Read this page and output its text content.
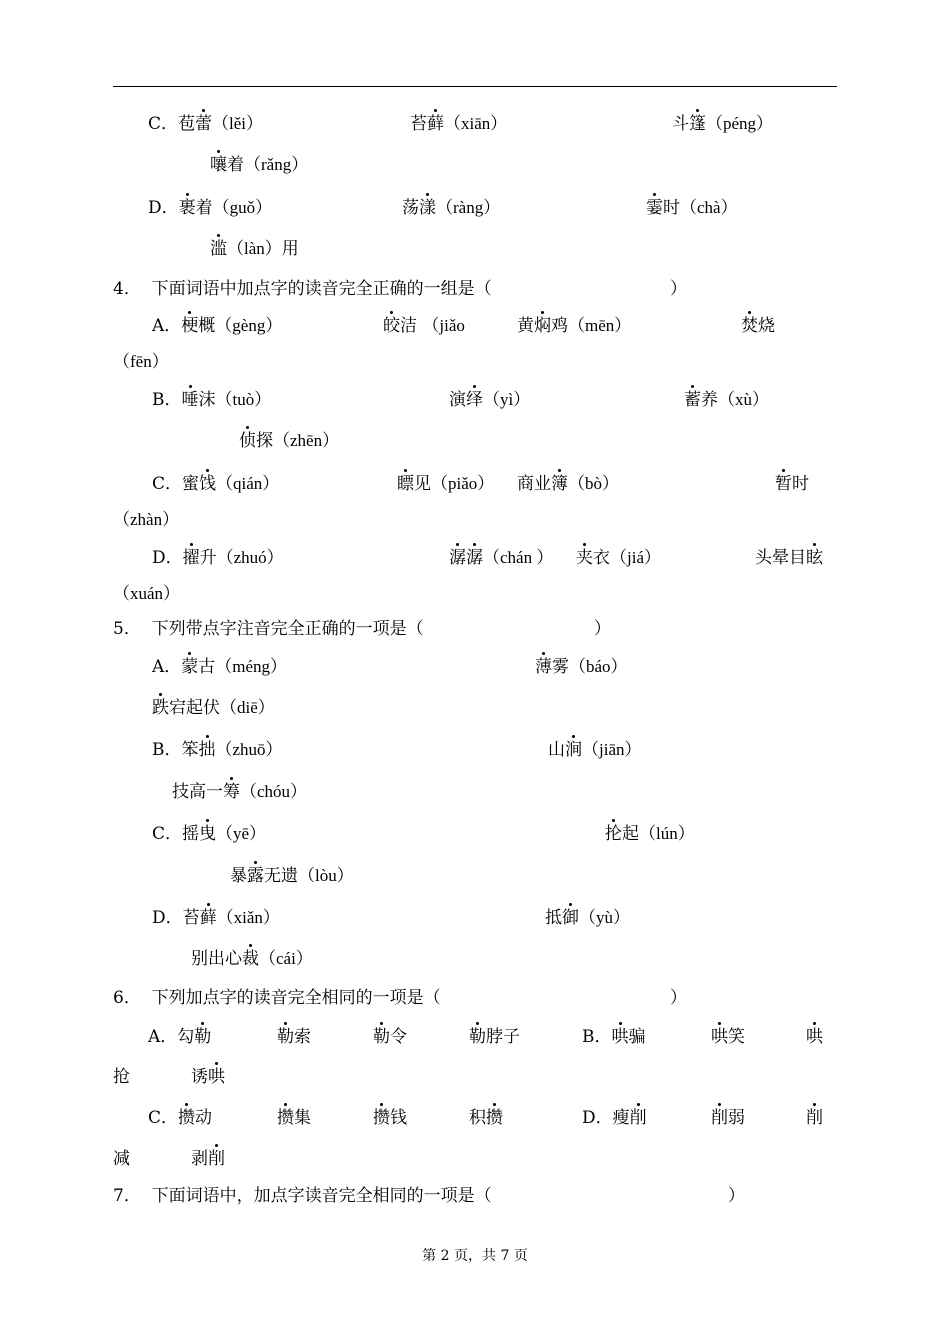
C．苞蕾（lěi）	苔藓（xiān）	斗篷（péng）
嚷着（rǎng）
D．裹着（guǒ）	荡漾（ràng）	霎时（chà）
滥（làn）用
4． 下面词语中加点字的读音完全正确的一组是（	）
A．梗概（gèng）	皎洁 （jiǎo	黄焖鸡（mēn）	焚烧
（fēn）
B．唾沫（tuò）	演绎（yì）	蓄养（xù）
侦探（zhēn）
C．蜜饯（qián）	瞟见（piǎo） 商业簿（bò）	暂时
（zhàn）
D．擢升（zhuó）	潺潺（chán ） 夹衣（jiá）	头晕目眩
（xuán）
5． 下列带点字注音完全正确的一项是（	）
A．蒙古（méng）	薄雾（báo）
跌宕起伏（diē）
B．笨拙（zhuō）	山涧（jiān）
技高一筹（chóu）
C．摇曳（yē）	抡起（lún）
暴露无遗（lòu）
D．苔藓（xiǎn）	抵御（yù）
别出心裁（cái）
6． 下列加点字的读音完全相同的一项是（	）
A．勾勒	勒索	勒令	勒脖子	B．哄骗	哄笑	哄
抢	诱哄
C．攒动	攒集	攒钱	积攒	D．瘦削	削弱	削
减	剥削
7． 下面词语中，加点字读音完全相同的一项是（	）
第 2 页，共 7 页
